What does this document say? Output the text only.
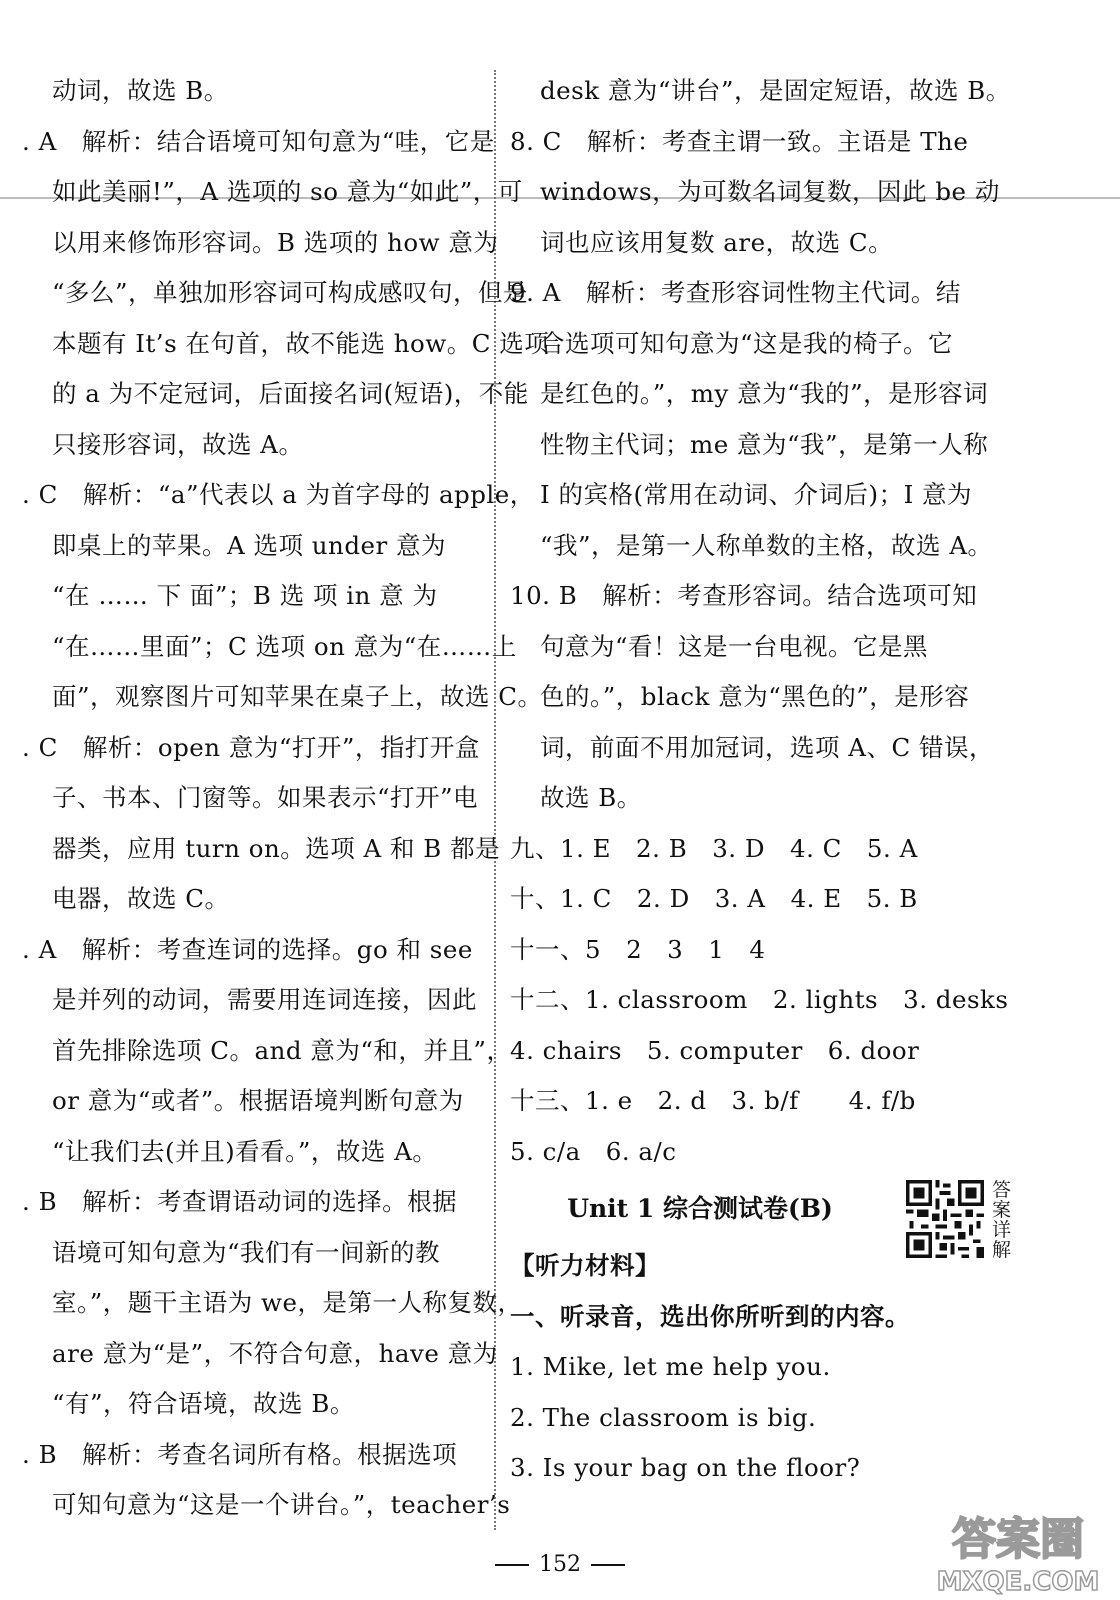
动词，故选 B。
. A　解析：结合语境可知句意为“哇，它是
如此美丽!”，A 选项的 so 意为“如此”，可
以用来修饰形容词。B 选项的 how 意为
“多么”，单独加形容词可构成感叹句，但是
本题有 It’s 在句首，故不能选 how。C 选项
的 a 为不定冠词，后面接名词(短语)，不能
只接形容词，故选 A。
. C　解析：“a”代表以 a 为首字母的 apple，
即桌上的苹果。A 选项 under 意为
“在 …… 下 面”；B 选 项 in 意 为
“在……里面”；C 选项 on 意为“在……上
面”，观察图片可知苹果在桌子上，故选 C。
. C　解析：open 意为“打开”，指打开盒
子、书本、门窗等。如果表示“打开”电
器类，应用 turn on。选项 A 和 B 都是
电器，故选 C。
. A　解析：考查连词的选择。go 和 see
是并列的动词，需要用连词连接，因此
首先排除选项 C。and 意为“和，并且”，
or 意为“或者”。根据语境判断句意为
“让我们去(并且)看看。”，故选 A。
. B　解析：考查谓语动词的选择。根据
语境可知句意为“我们有一间新的教
室。”，题干主语为 we，是第一人称复数，
are 意为“是”，不符合句意，have 意为
“有”，符合语境，故选 B。
. B　解析：考查名词所有格。根据选项
可知句意为“这是一个讲台。”，teacher’s
desk 意为“讲台”，是固定短语，故选 B。
8. C　解析：考查主谓一致。主语是 The
windows，为可数名词复数，因此 be 动
词也应该用复数 are，故选 C。
9. A　解析：考查形容词性物主代词。结
合选项可知句意为“这是我的椅子。它
是红色的。”，my 意为“我的”，是形容词
性物主代词；me 意为“我”，是第一人称
I 的宾格(常用在动词、介词后)；I 意为
“我”，是第一人称单数的主格，故选 A。
10. B　解析：考查形容词。结合选项可知
句意为“看！这是一台电视。它是黑
色的。”，black 意为“黑色的”，是形容
词，前面不用加冠词，选项 A、C 错误，
故选 B。
九、1. E　2. B　3. D　4. C　5. A
十、1. C　2. D　3. A　4. E　5. B
十一、5　2　3　1　4
十二、1. classroom　2. lights　3. desks
4. chairs　5. computer　6. door
十三、1. e　2. d　3. b/f　　4. f/b
5. c/a　6. a/c
Unit 1 综合测试卷(B)
【听力材料】
一、听录音，选出你所听到的内容。
1. Mike, let me help you.
2. The classroom is big.
3. Is your bag on the floor?
答案详解
152	答案圈
MXQE.COM
